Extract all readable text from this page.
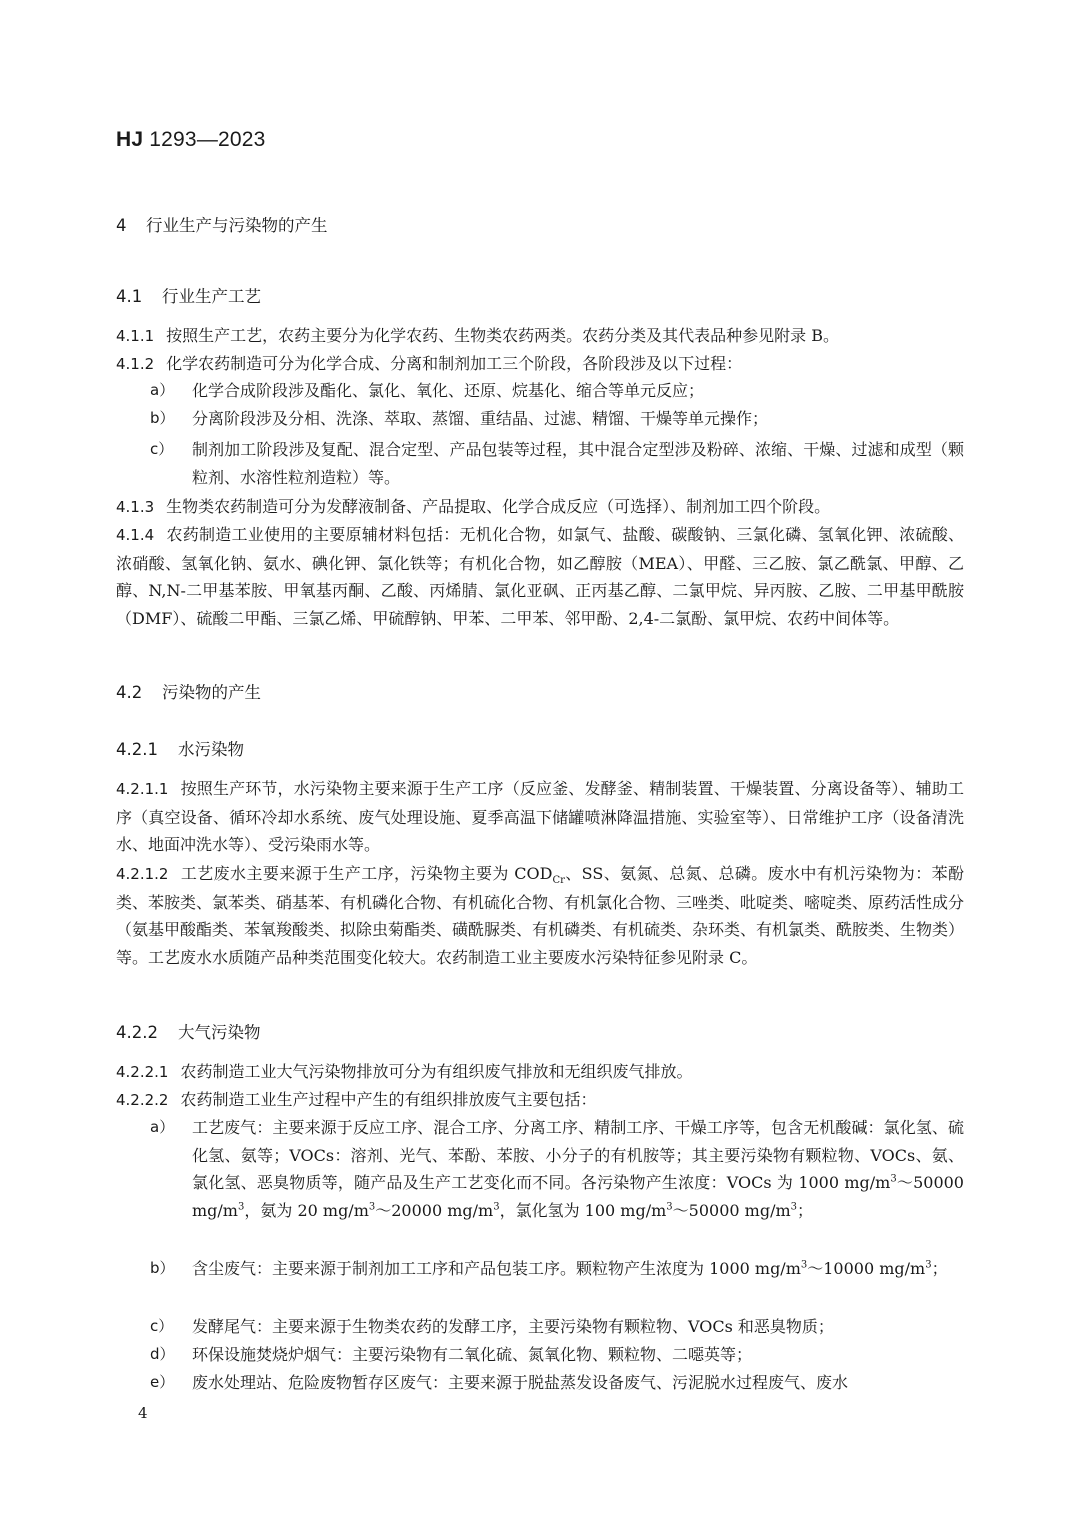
HJ 1293—2023
4 行业生产与污染物的产生
4.1 行业生产工艺
4.1.1 按照生产工艺，农药主要分为化学农药、生物类农药两类。农药分类及其代表品种参见附录 B。
4.1.2 化学农药制造可分为化学合成、分离和制剂加工三个阶段，各阶段涉及以下过程：
a）	化学合成阶段涉及酯化、氯化、氧化、还原、烷基化、缩合等单元反应；
b）	分离阶段涉及分相、洗涤、萃取、蒸馏、重结晶、过滤、精馏、干燥等单元操作；
c）	制剂加工阶段涉及复配、混合定型、产品包装等过程，其中混合定型涉及粉碎、浓缩、干燥、过滤和成型（颗粒剂、水溶性粒剂造粒）等。
4.1.3 生物类农药制造可分为发酵液制备、产品提取、化学合成反应（可选择）、制剂加工四个阶段。
4.1.4 农药制造工业使用的主要原辅材料包括：无机化合物，如氯气、盐酸、碳酸钠、三氯化磷、氢氧化钾、浓硫酸、浓硝酸、氢氧化钠、氨水、碘化钾、氯化铁等；有机化合物，如乙醇胺（MEA）、甲醛、三乙胺、氯乙酰氯、甲醇、乙醇、N,N-二甲基苯胺、甲氧基丙酮、乙酸、丙烯腈、氯化亚砜、正丙基乙醇、二氯甲烷、异丙胺、乙胺、二甲基甲酰胺（DMF）、硫酸二甲酯、三氯乙烯、甲硫醇钠、甲苯、二甲苯、邻甲酚、2,4-二氯酚、氯甲烷、农药中间体等。
4.2 污染物的产生
4.2.1 水污染物
4.2.1.1 按照生产环节，水污染物主要来源于生产工序（反应釜、发酵釜、精制装置、干燥装置、分离设备等）、辅助工序（真空设备、循环冷却水系统、废气处理设施、夏季高温下储罐喷淋降温措施、实验室等）、日常维护工序（设备清洗水、地面冲洗水等）、受污染雨水等。
4.2.1.2 工艺废水主要来源于生产工序，污染物主要为 $COD_{Cr}$、SS、氨氮、总氮、总磷。废水中有机污染物为：苯酚类、苯胺类、氯苯类、硝基苯、有机磷化合物、有机硫化合物、有机氯化合物、三唑类、吡啶类、嘧啶类、原药活性成分（氨基甲酸酯类、苯氧羧酸类、拟除虫菊酯类、磺酰脲类、有机磷类、有机硫类、杂环类、有机氯类、酰胺类、生物类）等。工艺废水水质随产品种类范围变化较大。农药制造工业主要废水污染特征参见附录 C。
4.2.2 大气污染物
4.2.2.1 农药制造工业大气污染物排放可分为有组织废气排放和无组织废气排放。
4.2.2.2 农药制造工业生产过程中产生的有组织排放废气主要包括：
a）	工艺废气：主要来源于反应工序、混合工序、分离工序、精制工序、干燥工序等，包含无机酸碱：氯化氢、硫化氢、氨等；VOCs：溶剂、光气、苯酚、苯胺、小分子的有机胺等；其主要污染物有颗粒物、VOCs、氨、氯化氢、恶臭物质等，随产品及生产工艺变化而不同。各污染物产生浓度：VOCs 为 1000 $mg/m^3\sim 50000$ $mg/m^3$，氨为 20 $mg/m^3\sim 20000$ $mg/m^3$，氯化氢为 100 $mg/m^3\sim 50000$ $mg/m^3$；
b）	含尘废气：主要来源于制剂加工工序和产品包装工序。颗粒物产生浓度为 1000 $mg/m^3\sim 10000$ $mg/m^3$；
c）	发酵尾气：主要来源于生物类农药的发酵工序，主要污染物有颗粒物、VOCs 和恶臭物质；
d）	环保设施焚烧炉烟气：主要污染物有二氧化硫、氮氧化物、颗粒物、二噁英等；
e）	废水处理站、危险废物暂存区废气：主要来源于脱盐蒸发设备废气、污泥脱水过程废气、废水
4
